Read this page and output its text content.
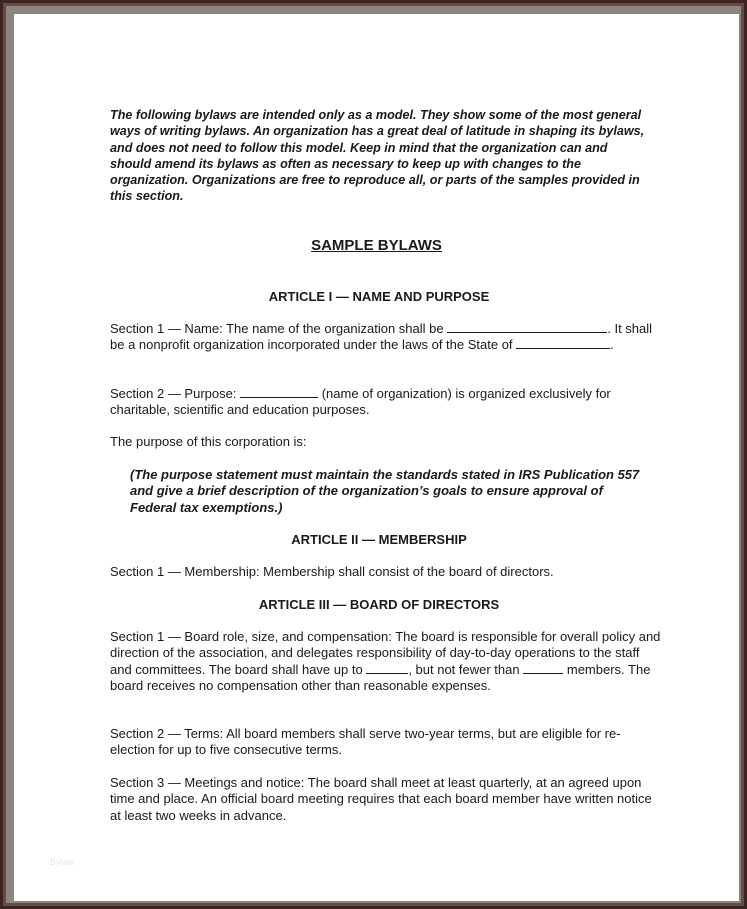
The following bylaws are intended only as a model. They show some of the most general ways of writing bylaws. An organization has a great deal of latitude in shaping its bylaws, and does not need to follow this model. Keep in mind that the organization can and should amend its bylaws as often as necessary to keep up with changes to the organization. Organizations are free to reproduce all, or parts of the samples provided in this section.

SAMPLE BYLAWS

ARTICLE I — NAME AND PURPOSE

Section 1 — Name: The name of the organization shall be	. It shall be a nonprofit organization incorporated under the laws of the State of	.

Section 2 — Purpose:	(name of organization) is organized exclusively for charitable, scientific and education purposes.

The purpose of this corporation is:

(The purpose statement must maintain the standards stated in IRS Publication 557 and give a brief description of the organization’s goals to ensure approval of Federal tax exemptions.)

ARTICLE II — MEMBERSHIP

Section 1 — Membership: Membership shall consist of the board of directors.

ARTICLE III — BOARD OF DIRECTORS

Section 1 — Board role, size, and compensation: The board is responsible for overall policy and direction of the association, and delegates responsibility of day-to-day operations to the staff and committees. The board shall have up to	, but not fewer than	members. The board receives no compensation other than reasonable expenses.

Section 2 — Terms: All board members shall serve two-year terms, but are eligible for re-election for up to five consecutive terms.

Section 3 — Meetings and notice: The board shall meet at least quarterly, at an agreed upon time and place. An official board meeting requires that each board member have written notice at least two weeks in advance.

Bylaw
